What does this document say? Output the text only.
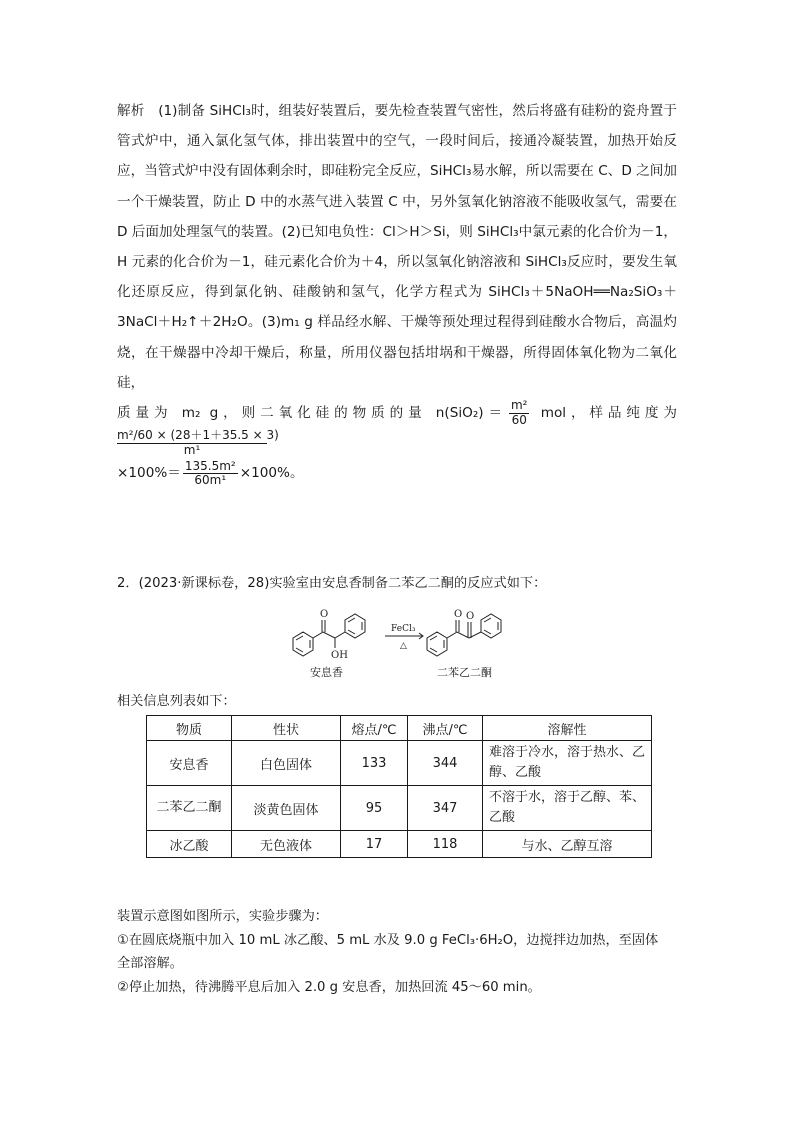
解析　(1)制备 SiHCl₃时，组装好装置后，要先检查装置气密性，然后将盛有硅粉的瓷舟置于管式炉中，通入氯化氢气体，排出装置中的空气，一段时间后，接通冷凝装置，加热开始反应，当管式炉中没有固体剩余时，即硅粉完全反应，SiHCl₃易水解，所以需要在 C、D 之间加一个干燥装置，防止 D 中的水蒸气进入装置 C 中，另外氢氧化钠溶液不能吸收氢气，需要在 D 后面加处理氢气的装置。(2)已知电负性：Cl＞H＞Si，则 SiHCl₃中氯元素的化合价为－1，H 元素的化合价为－1，硅元素化合价为＋4，所以氢氧化钠溶液和 SiHCl₃反应时，要发生氧化还原反应，得到氯化钠、硅酸钠和氢气，化学方程式为 SiHCl₃＋5NaOH══Na₂SiO₃＋3NaCl＋H₂↑＋2H₂O。(3)m₁ g 样品经水解、干燥等预处理过程得到硅酸水合物后，高温灼烧，在干燥器中冷却干燥后，称量，所用仪器包括坩埚和干燥器，所得固体氧化物为二氧化硅，

质量为 m₂ g，则二氧化硅的物质的量 $n(SiO_2)= \frac{\text{m²}}{60}$ mol，样品纯度为
$\frac{\text{m²/60 × (28＋1＋35.5 × 3)}}{\text{m¹}}$

$\times 100\%= \frac{\text{135.5m²}}{\text{60m¹}} \times 100\%$。

2．(2023·新课标卷，28)实验室由安息香制备二苯乙二酮的反应式如下：
O
OH
FeCl₃
△
O O
安息香	二苯乙二酮
相关信息列表如下：
物质	性状	熔点/℃	沸点/℃	溶解性
安息香	白色固体	133	344	难溶于冷水，溶于热水、乙醇、乙酸
二苯乙二酮	淡黄色固体	95	347	不溶于水，溶于乙醇、苯、乙酸
冰乙酸	无色液体	17	118	与水、乙醇互溶

装置示意图如图所示，实验步骤为：

①在圆底烧瓶中加入 10 mL 冰乙酸、5 mL 水及 9.0 g FeCl₃·6H₂O，边搅拌边加热，至固体全部溶解。

②停止加热，待沸腾平息后加入 2.0 g 安息香，加热回流 45～60 min。
